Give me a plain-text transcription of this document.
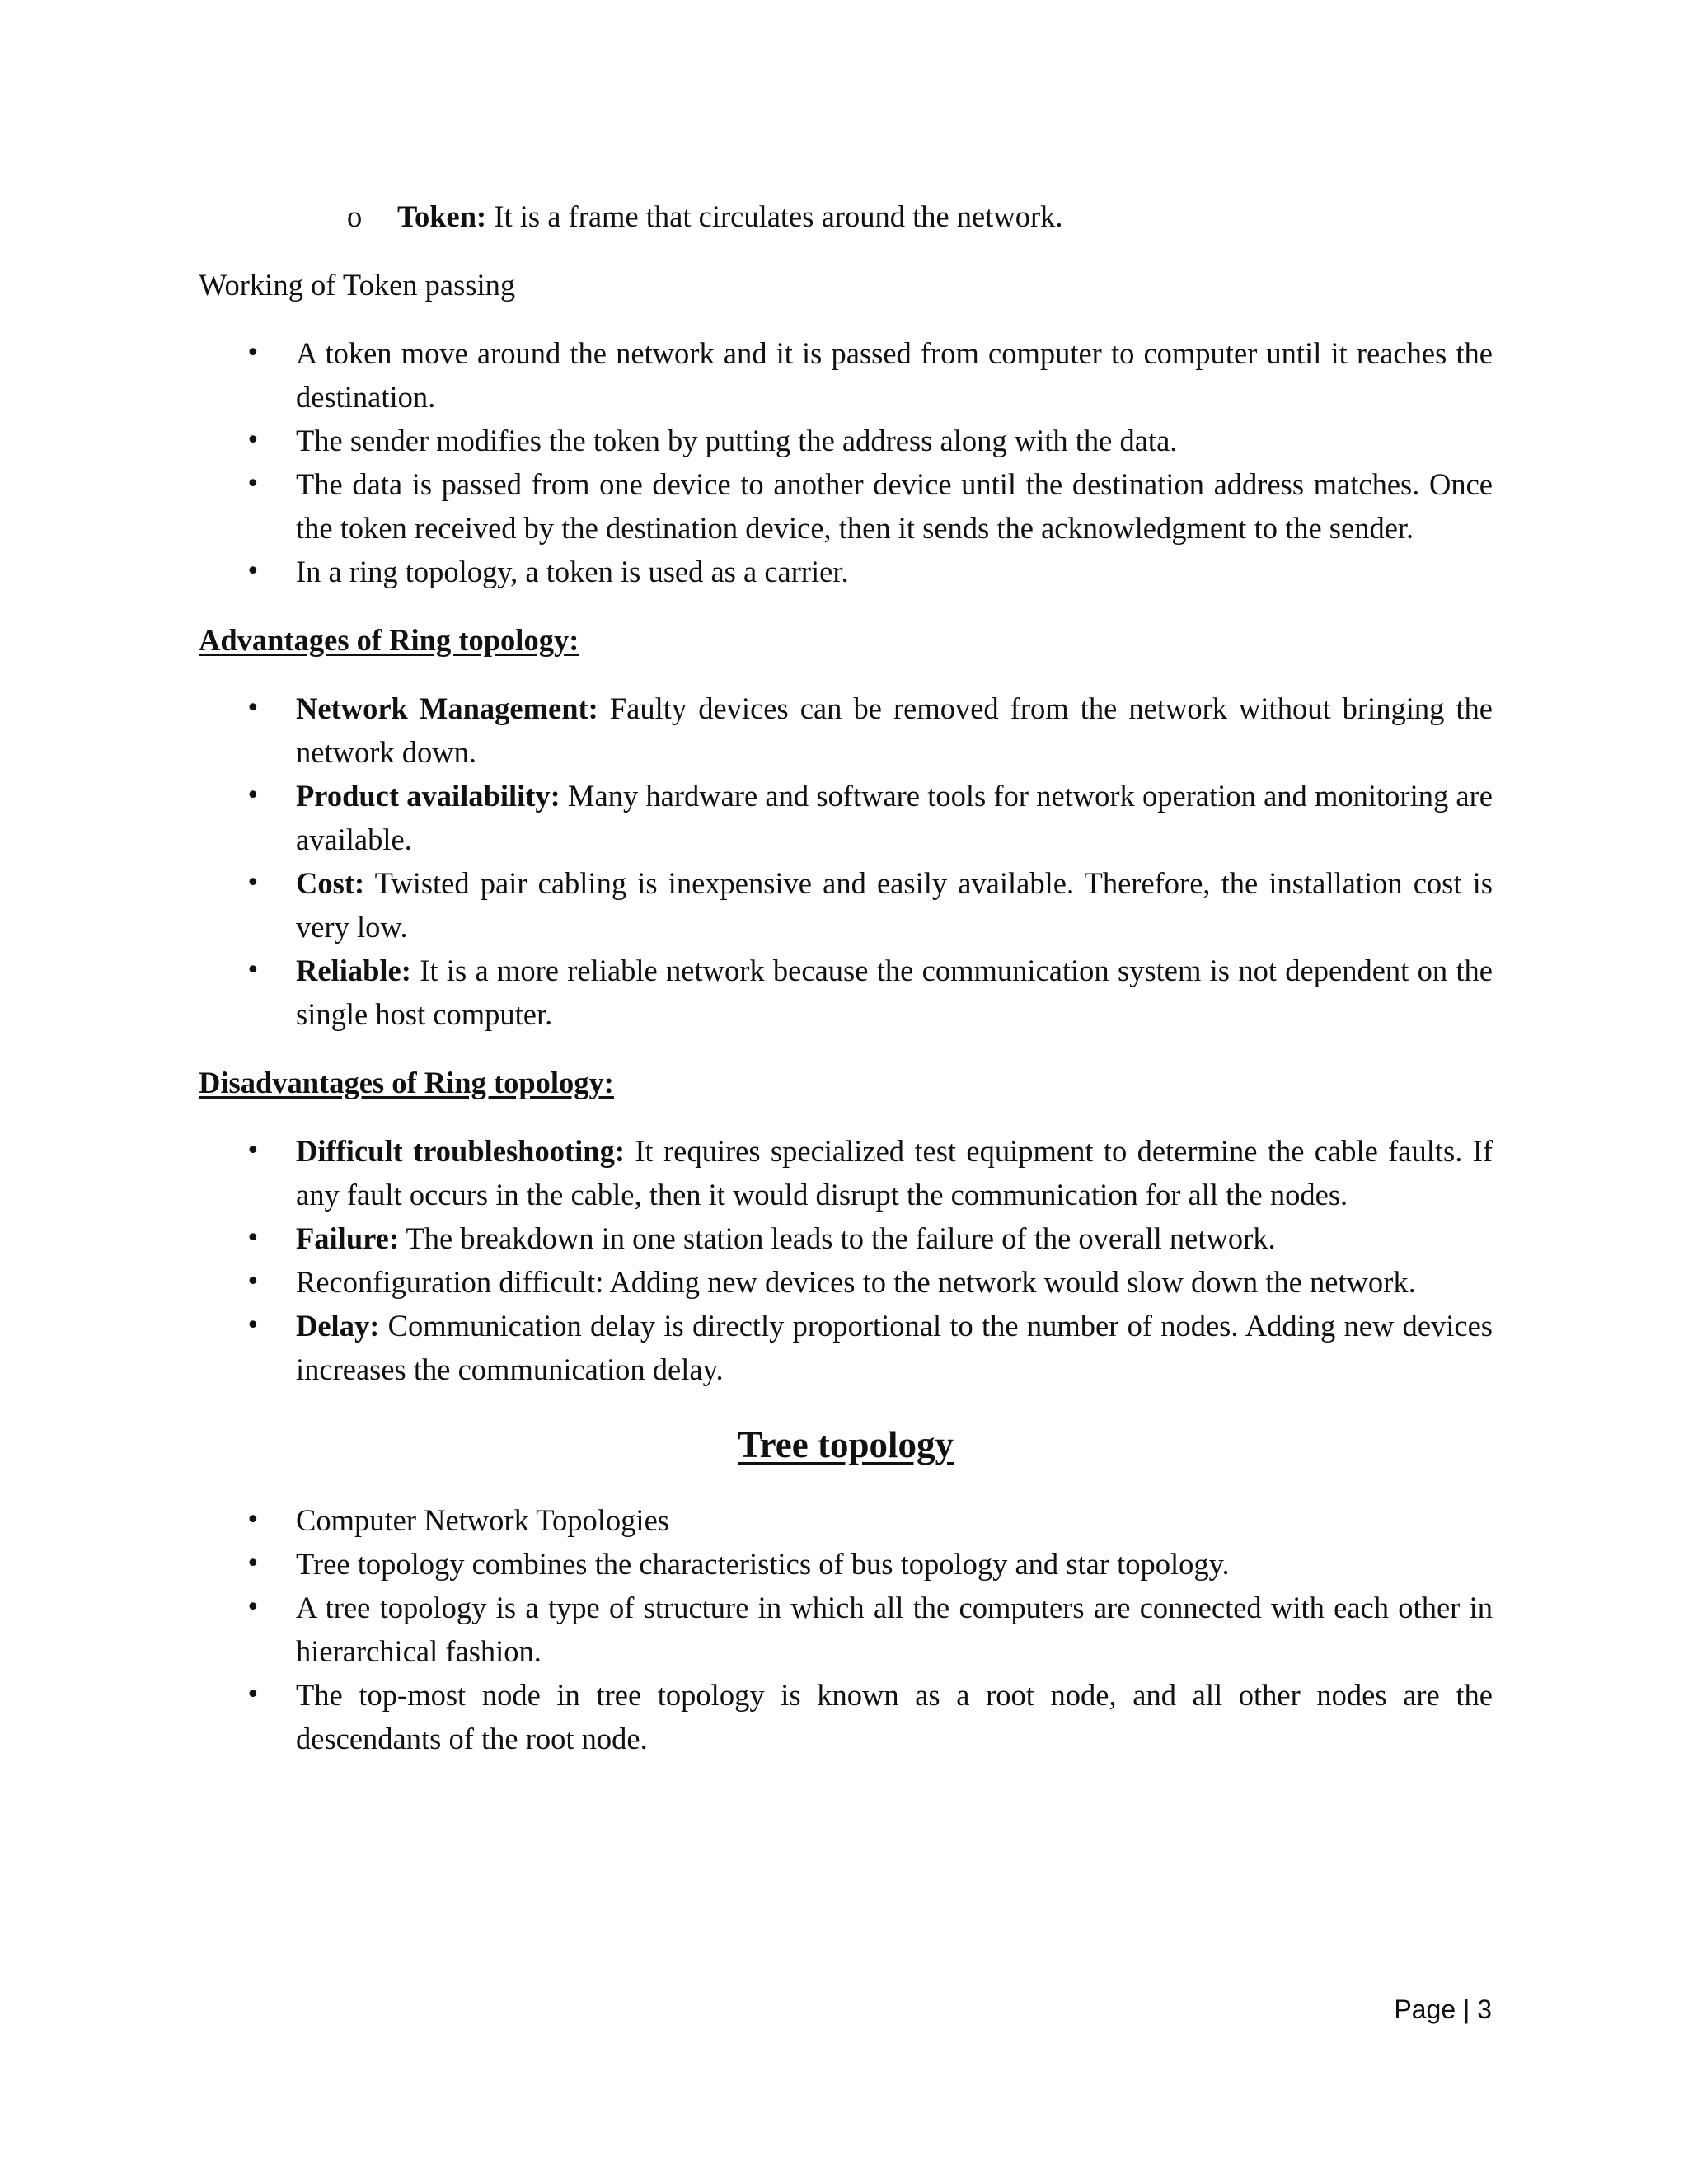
o Token: It is a frame that circulates around the network.

Working of Token passing

• A token move around the network and it is passed from computer to computer until it reaches the destination.
• The sender modifies the token by putting the address along with the data.
• The data is passed from one device to another device until the destination address matches. Once the token received by the destination device, then it sends the acknowledgment to the sender.
• In a ring topology, a token is used as a carrier.

Advantages of Ring topology:

• Network Management: Faulty devices can be removed from the network without bringing the network down.
• Product availability: Many hardware and software tools for network operation and monitoring are available.
• Cost: Twisted pair cabling is inexpensive and easily available. Therefore, the installation cost is very low.
• Reliable: It is a more reliable network because the communication system is not dependent on the single host computer.

Disadvantages of Ring topology:

• Difficult troubleshooting: It requires specialized test equipment to determine the cable faults. If any fault occurs in the cable, then it would disrupt the communication for all the nodes.
• Failure: The breakdown in one station leads to the failure of the overall network.
• Reconfiguration difficult: Adding new devices to the network would slow down the network.
• Delay: Communication delay is directly proportional to the number of nodes. Adding new devices increases the communication delay.

Tree topology

• Computer Network Topologies
• Tree topology combines the characteristics of bus topology and star topology.
• A tree topology is a type of structure in which all the computers are connected with each other in hierarchical fashion.
• The top-most node in tree topology is known as a root node, and all other nodes are the descendants of the root node.
Page | 3
